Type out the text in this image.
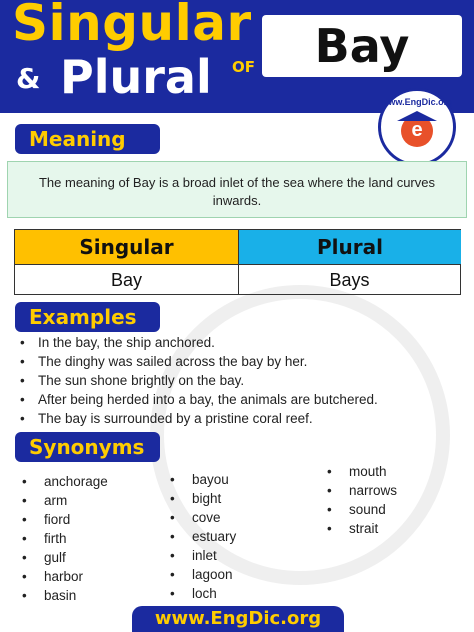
Singular
& Plural OF	Bay
www.EngDic.org
e
Meaning
The meaning of Bay is a broad inlet of the sea where the land curves inwards.
Singular	Plural
Bay	Bays
Examples
• In the bay, the ship anchored.
• The dinghy was sailed across the bay by her.
• The sun shone brightly on the bay.
• After being herded into a bay, the animals are butchered.
• The bay is surrounded by a pristine coral reef.
Synonyms
• anchorage
• arm
• fiord
• firth
• gulf
• harbor
• basin
• bayou
• bight
• cove
• estuary
• inlet
• lagoon
• loch
• mouth
• narrows
• sound
• strait
www.EngDic.org
